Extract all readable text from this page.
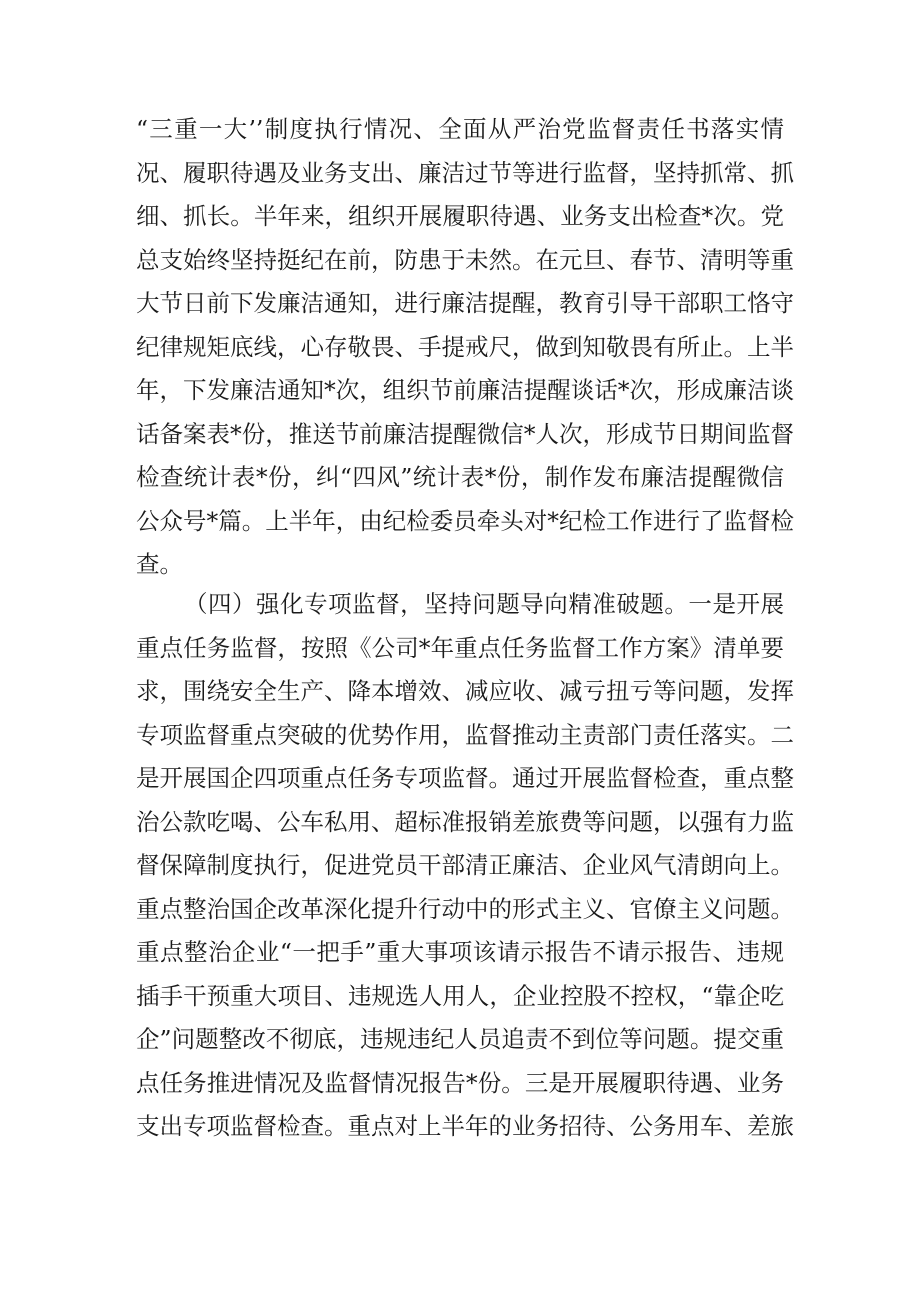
“三重一大’’制度执行情况、全面从严治党监督责任书落实情
况、履职待遇及业务支出、廉洁过节等进行监督，坚持抓常、抓
细、抓长。半年来，组织开展履职待遇、业务支出检查*次。党
总支始终坚持挺纪在前，防患于未然。在元旦、春节、清明等重
大节日前下发廉洁通知，进行廉洁提醒，教育引导干部职工恪守
纪律规矩底线，心存敬畏、手提戒尺，做到知敬畏有所止。上半
年，下发廉洁通知*次，组织节前廉洁提醒谈话*次，形成廉洁谈
话备案表*份，推送节前廉洁提醒微信*人次，形成节日期间监督
检查统计表*份，纠“四风”统计表*份，制作发布廉洁提醒微信
公众号*篇。上半年，由纪检委员牵头对*纪检工作进行了监督检
查。
（四）强化专项监督，坚持问题导向精准破题。一是开展
重点任务监督，按照《公司*年重点任务监督工作方案》清单要
求，围绕安全生产、降本增效、减应收、减亏扭亏等问题，发挥
专项监督重点突破的优势作用，监督推动主责部门责任落实。二
是开展国企四项重点任务专项监督。通过开展监督检查，重点整
治公款吃喝、公车私用、超标准报销差旅费等问题，以强有力监
督保障制度执行，促进党员干部清正廉洁、企业风气清朗向上。
重点整治国企改革深化提升行动中的形式主义、官僚主义问题。
重点整治企业“一把手”重大事项该请示报告不请示报告、违规
插手干预重大项目、违规选人用人，企业控股不控权，“靠企吃
企”问题整改不彻底，违规违纪人员追责不到位等问题。提交重
点任务推进情况及监督情况报告*份。三是开展履职待遇、业务
支出专项监督检查。重点对上半年的业务招待、公务用车、差旅
